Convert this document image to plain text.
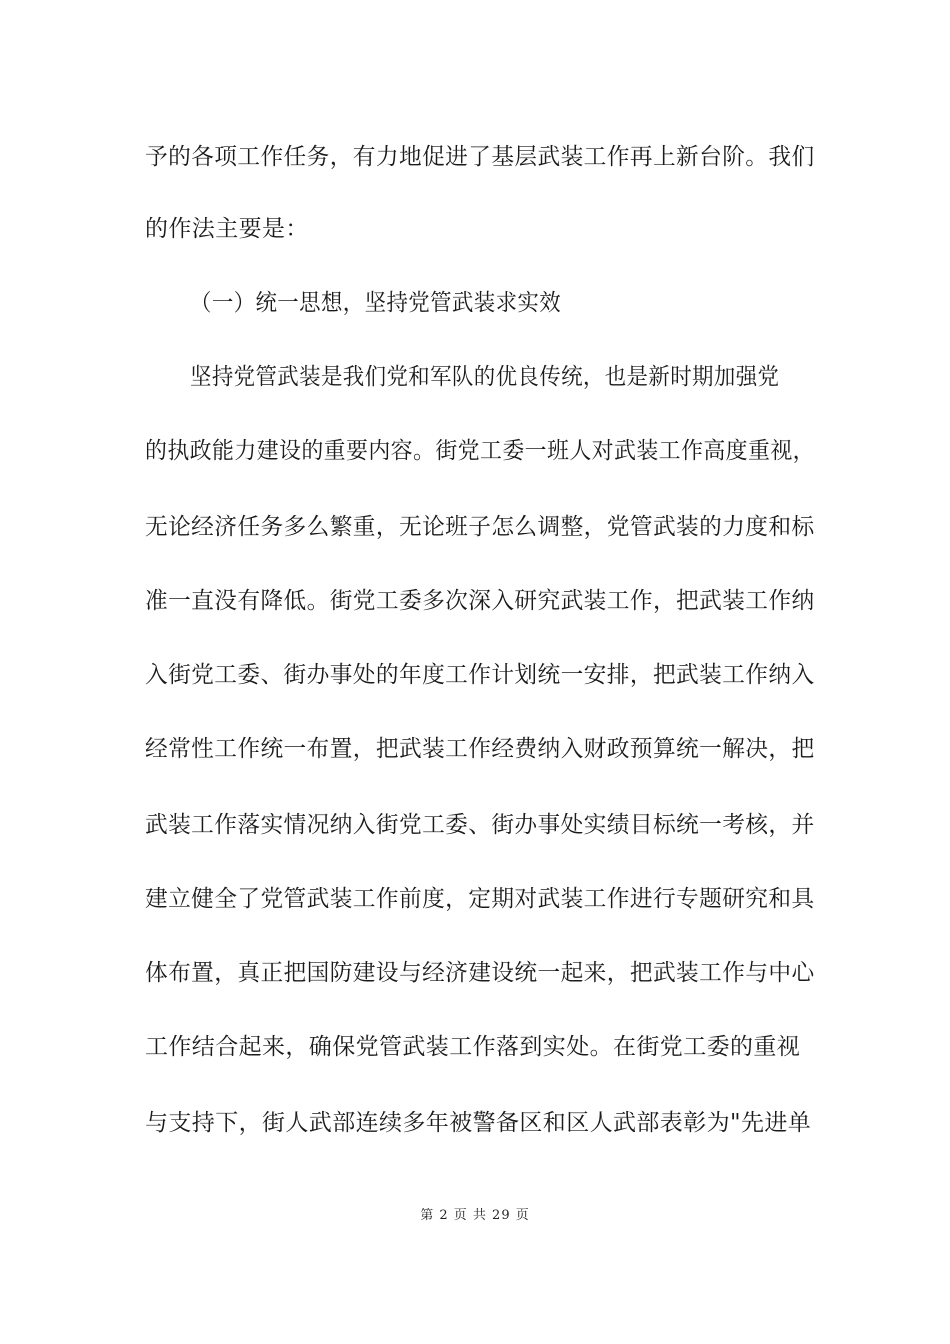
予的各项工作任务，有力地促进了基层武装工作再上新台阶。我们
的作法主要是：
（一）统一思想，坚持党管武装求实效
坚持党管武装是我们党和军队的优良传统，也是新时期加强党
的执政能力建设的重要内容。街党工委一班人对武装工作高度重视，
无论经济任务多么繁重，无论班子怎么调整，党管武装的力度和标
准一直没有降低。街党工委多次深入研究武装工作，把武装工作纳
入街党工委、街办事处的年度工作计划统一安排，把武装工作纳入
经常性工作统一布置，把武装工作经费纳入财政预算统一解决，把
武装工作落实情况纳入街党工委、街办事处实绩目标统一考核，并
建立健全了党管武装工作前度，定期对武装工作进行专题研究和具
体布置，真正把国防建设与经济建设统一起来，把武装工作与中心
工作结合起来，确保党管武装工作落到实处。在街党工委的重视
与支持下，街人武部连续多年被警备区和区人武部表彰为"先进单
第 2 页 共 29 页
